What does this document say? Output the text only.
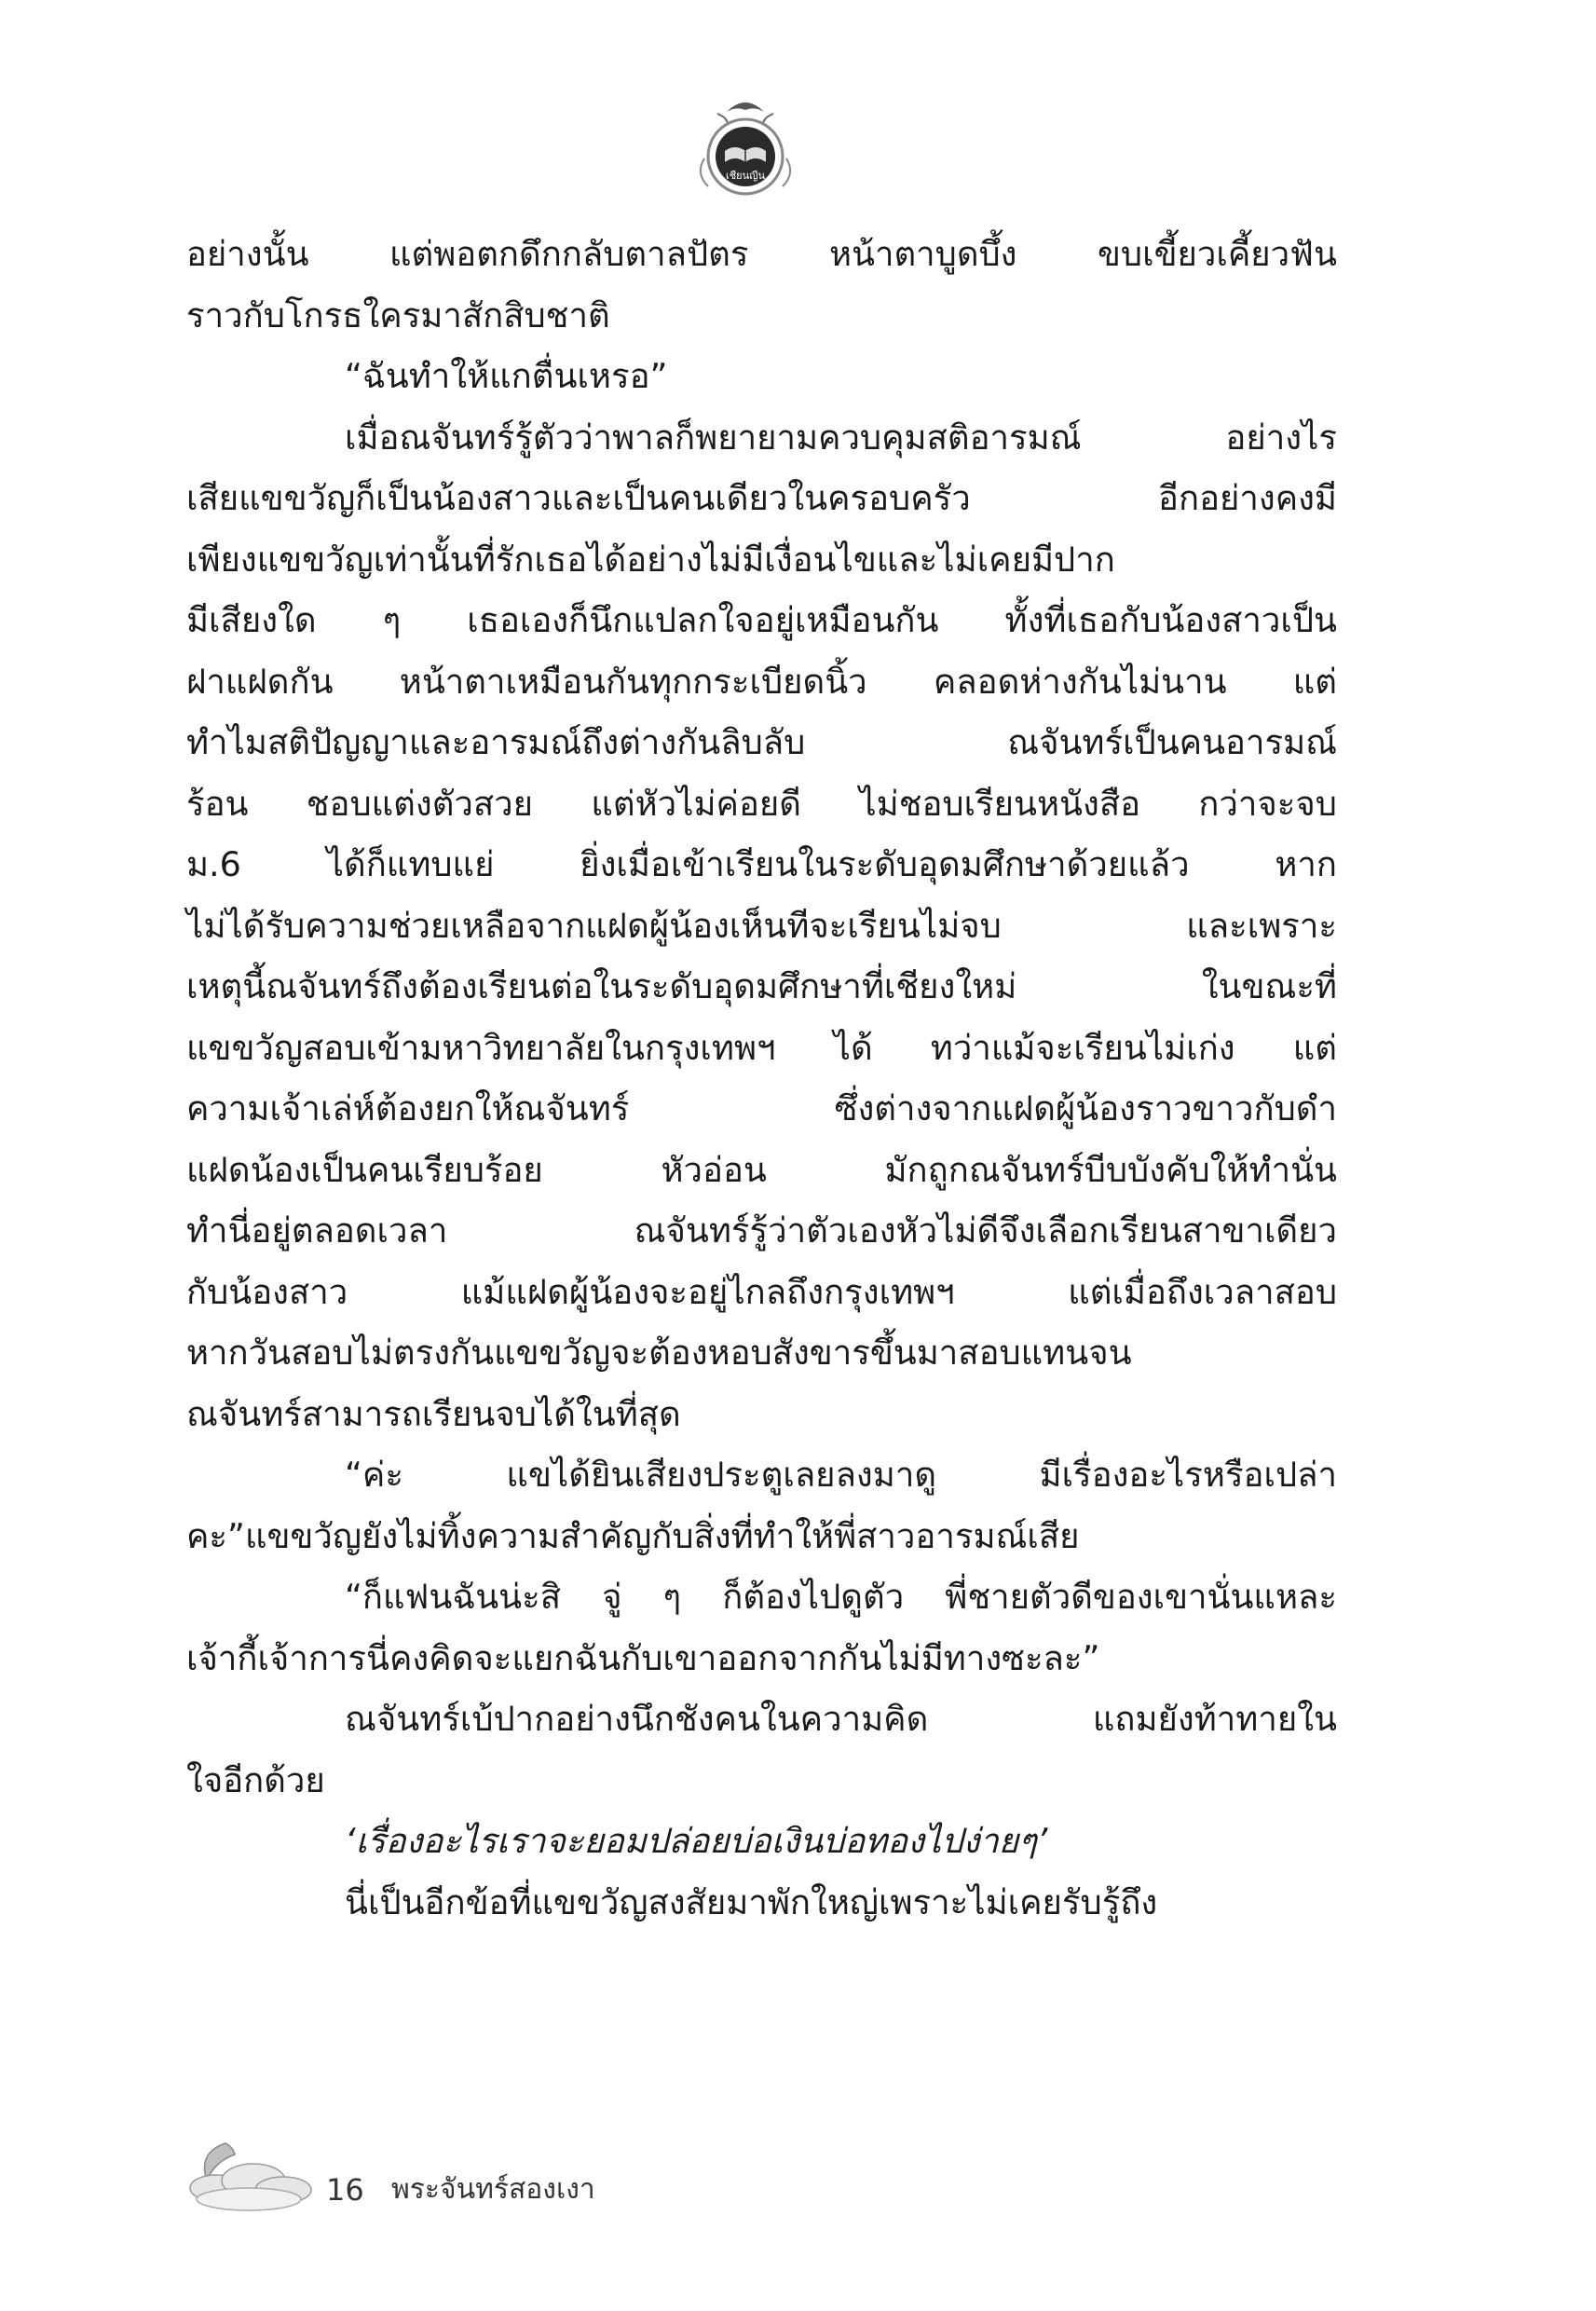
เชียนญีน
อย่างนั้น แต่พอตกดึกกลับตาลปัตร หน้าตาบูดบึ้ง ขบเขี้ยวเคี้ยวฟัน
ราวกับโกรธใครมาสักสิบชาติ
“ฉันทำให้แกตื่นเหรอ”
เมื่อณจันทร์รู้ตัวว่าพาลก็พยายามควบคุมสติอารมณ์	อย่างไร
เสียแขขวัญก็เป็นน้องสาวและเป็นคนเดียวในครอบครัว	อีกอย่างคงมี
เพียงแขขวัญเท่านั้นที่รักเธอได้อย่างไม่มีเงื่อนไขและไม่เคยมีปาก
มีเสียงใด ๆ เธอเองก็นึกแปลกใจอยู่เหมือนกัน ทั้งที่เธอกับน้องสาวเป็น
ฝาแฝดกัน หน้าตาเหมือนกันทุกกระเบียดนิ้ว คลอดห่างกันไม่นาน แต่
ทำไมสติปัญญาและอารมณ์ถึงต่างกันลิบลับ	ณจันทร์เป็นคนอารมณ์
ร้อน ชอบแต่งตัวสวย แต่หัวไม่ค่อยดี ไม่ชอบเรียนหนังสือ กว่าจะจบ
ม.6	ได้ก็แทบแย่	ยิ่งเมื่อเข้าเรียนในระดับอุดมศึกษาด้วยแล้ว	หาก
ไม่ได้รับความช่วยเหลือจากแฝดผู้น้องเห็นทีจะเรียนไม่จบ	และเพราะ
เหตุนี้ณจันทร์ถึงต้องเรียนต่อในระดับอุดมศึกษาที่เชียงใหม่	ในขณะที่
แขขวัญสอบเข้ามหาวิทยาลัยในกรุงเทพฯ ได้ ทว่าแม้จะเรียนไม่เก่ง แต่
ความเจ้าเล่ห์ต้องยกให้ณจันทร์	ซึ่งต่างจากแฝดผู้น้องราวขาวกับดำ
แฝดน้องเป็นคนเรียบร้อย	หัวอ่อน	มักถูกณจันทร์บีบบังคับให้ทำนั่น
ทำนี่อยู่ตลอดเวลา	ณจันทร์รู้ว่าตัวเองหัวไม่ดีจึงเลือกเรียนสาขาเดียว
กับน้องสาว	แม้แฝดผู้น้องจะอยู่ไกลถึงกรุงเทพฯ	แต่เมื่อถึงเวลาสอบ
หากวันสอบไม่ตรงกันแขขวัญจะต้องหอบสังขารขึ้นมาสอบแทนจน
ณจันทร์สามารถเรียนจบได้ในที่สุด
“ค่ะ	แขได้ยินเสียงประตูเลยลงมาดู	มีเรื่องอะไรหรือเปล่า
คะ” แขขวัญยังไม่ทิ้งความสำคัญกับสิ่งที่ทำให้พี่สาวอารมณ์เสีย
“ก็แฟนฉันน่ะสิ จู่ ๆ ก็ต้องไปดูตัว พี่ชายตัวดีของเขานั่นแหละ
เจ้ากี้เจ้าการ นี่คงคิดจะแยกฉันกับเขาออกจากกัน ไม่มีทางซะละ”
ณจันทร์เบ้ปากอย่างนึกชังคนในความคิด	แถมยังท้าทายใน
ใจอีกด้วย
‘เรื่องอะไรเราจะยอมปล่อยบ่อเงินบ่อทองไปง่าย ๆ’
นี่เป็นอีกข้อที่แขขวัญสงสัยมาพักใหญ่ เพราะไม่เคยรับรู้ถึง
16 พระจันทร์สองเงา
